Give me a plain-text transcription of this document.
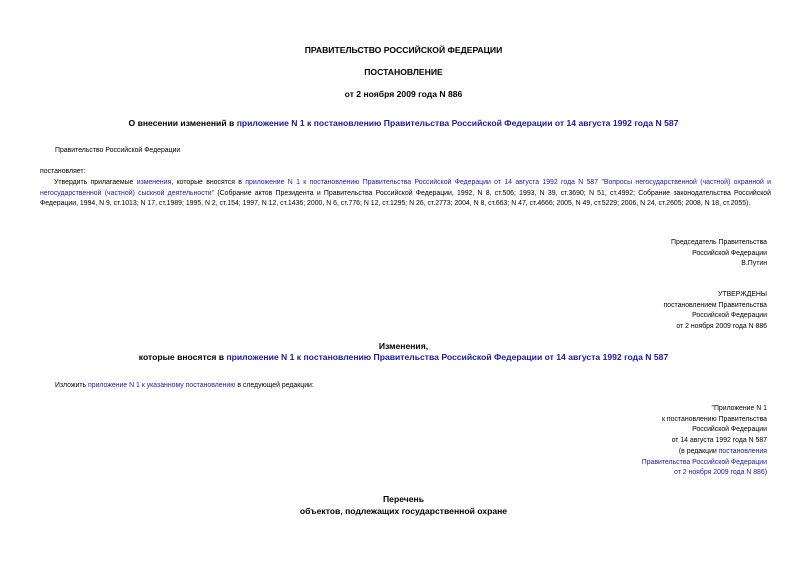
ПРАВИТЕЛЬСТВО РОССИЙСКОЙ ФЕДЕРАЦИИ
ПОСТАНОВЛЕНИЕ
от 2 ноября 2009 года N 886
О внесении изменений в приложение N 1 к постановлению Правительства Российской Федерации от 14 августа 1992 года N 587
Правительство Российской Федерации
постановляет:
Утвердить прилагаемые изменения, которые вносятся в приложение N 1 к постановлению Правительства Российской Федерации от 14 августа 1992 года N 587 "Вопросы негосударственной (частной) охранной и негосударственной (частной) сыскной деятельности" (Собрание актов Президента и Правительства Российской Федерации, 1992, N 8, ст.506; 1993, N 39, ст.3690; N 51, ст.4992; Собрание законодательства Российской Федерации, 1994, N 9, ст.1013; N 17, ст.1989; 1995, N 2, ст.154; 1997, N 12, ст.1436; 2000, N 6, ст.776; N 12, ст.1295; N 26, ст.2773; 2004, N 8, ст.663; N 47, ст.4666; 2005, N 49, ст.5229; 2006, N 24, ст.2605; 2008, N 18, ст.2055).
Председатель Правительства
Российской Федерации
В.Путин
УТВЕРЖДЕНЫ
постановлением Правительства
Российской Федерации
от 2 ноября 2009 года N 886
Изменения,
которые вносятся в приложение N 1 к постановлению Правительства Российской Федерации от 14 августа 1992 года N 587
Изложить приложение N 1 к указанному постановлению в следующей редакции:
"Приложение N 1
к постановлению Правительства
Российской Федерации
от 14 августа 1992 года N 587
(в редакции постановления
Правительства Российской Федерации
от 2 ноября 2009 года N 886)
Перечень
объектов, подлежащих государственной охране
